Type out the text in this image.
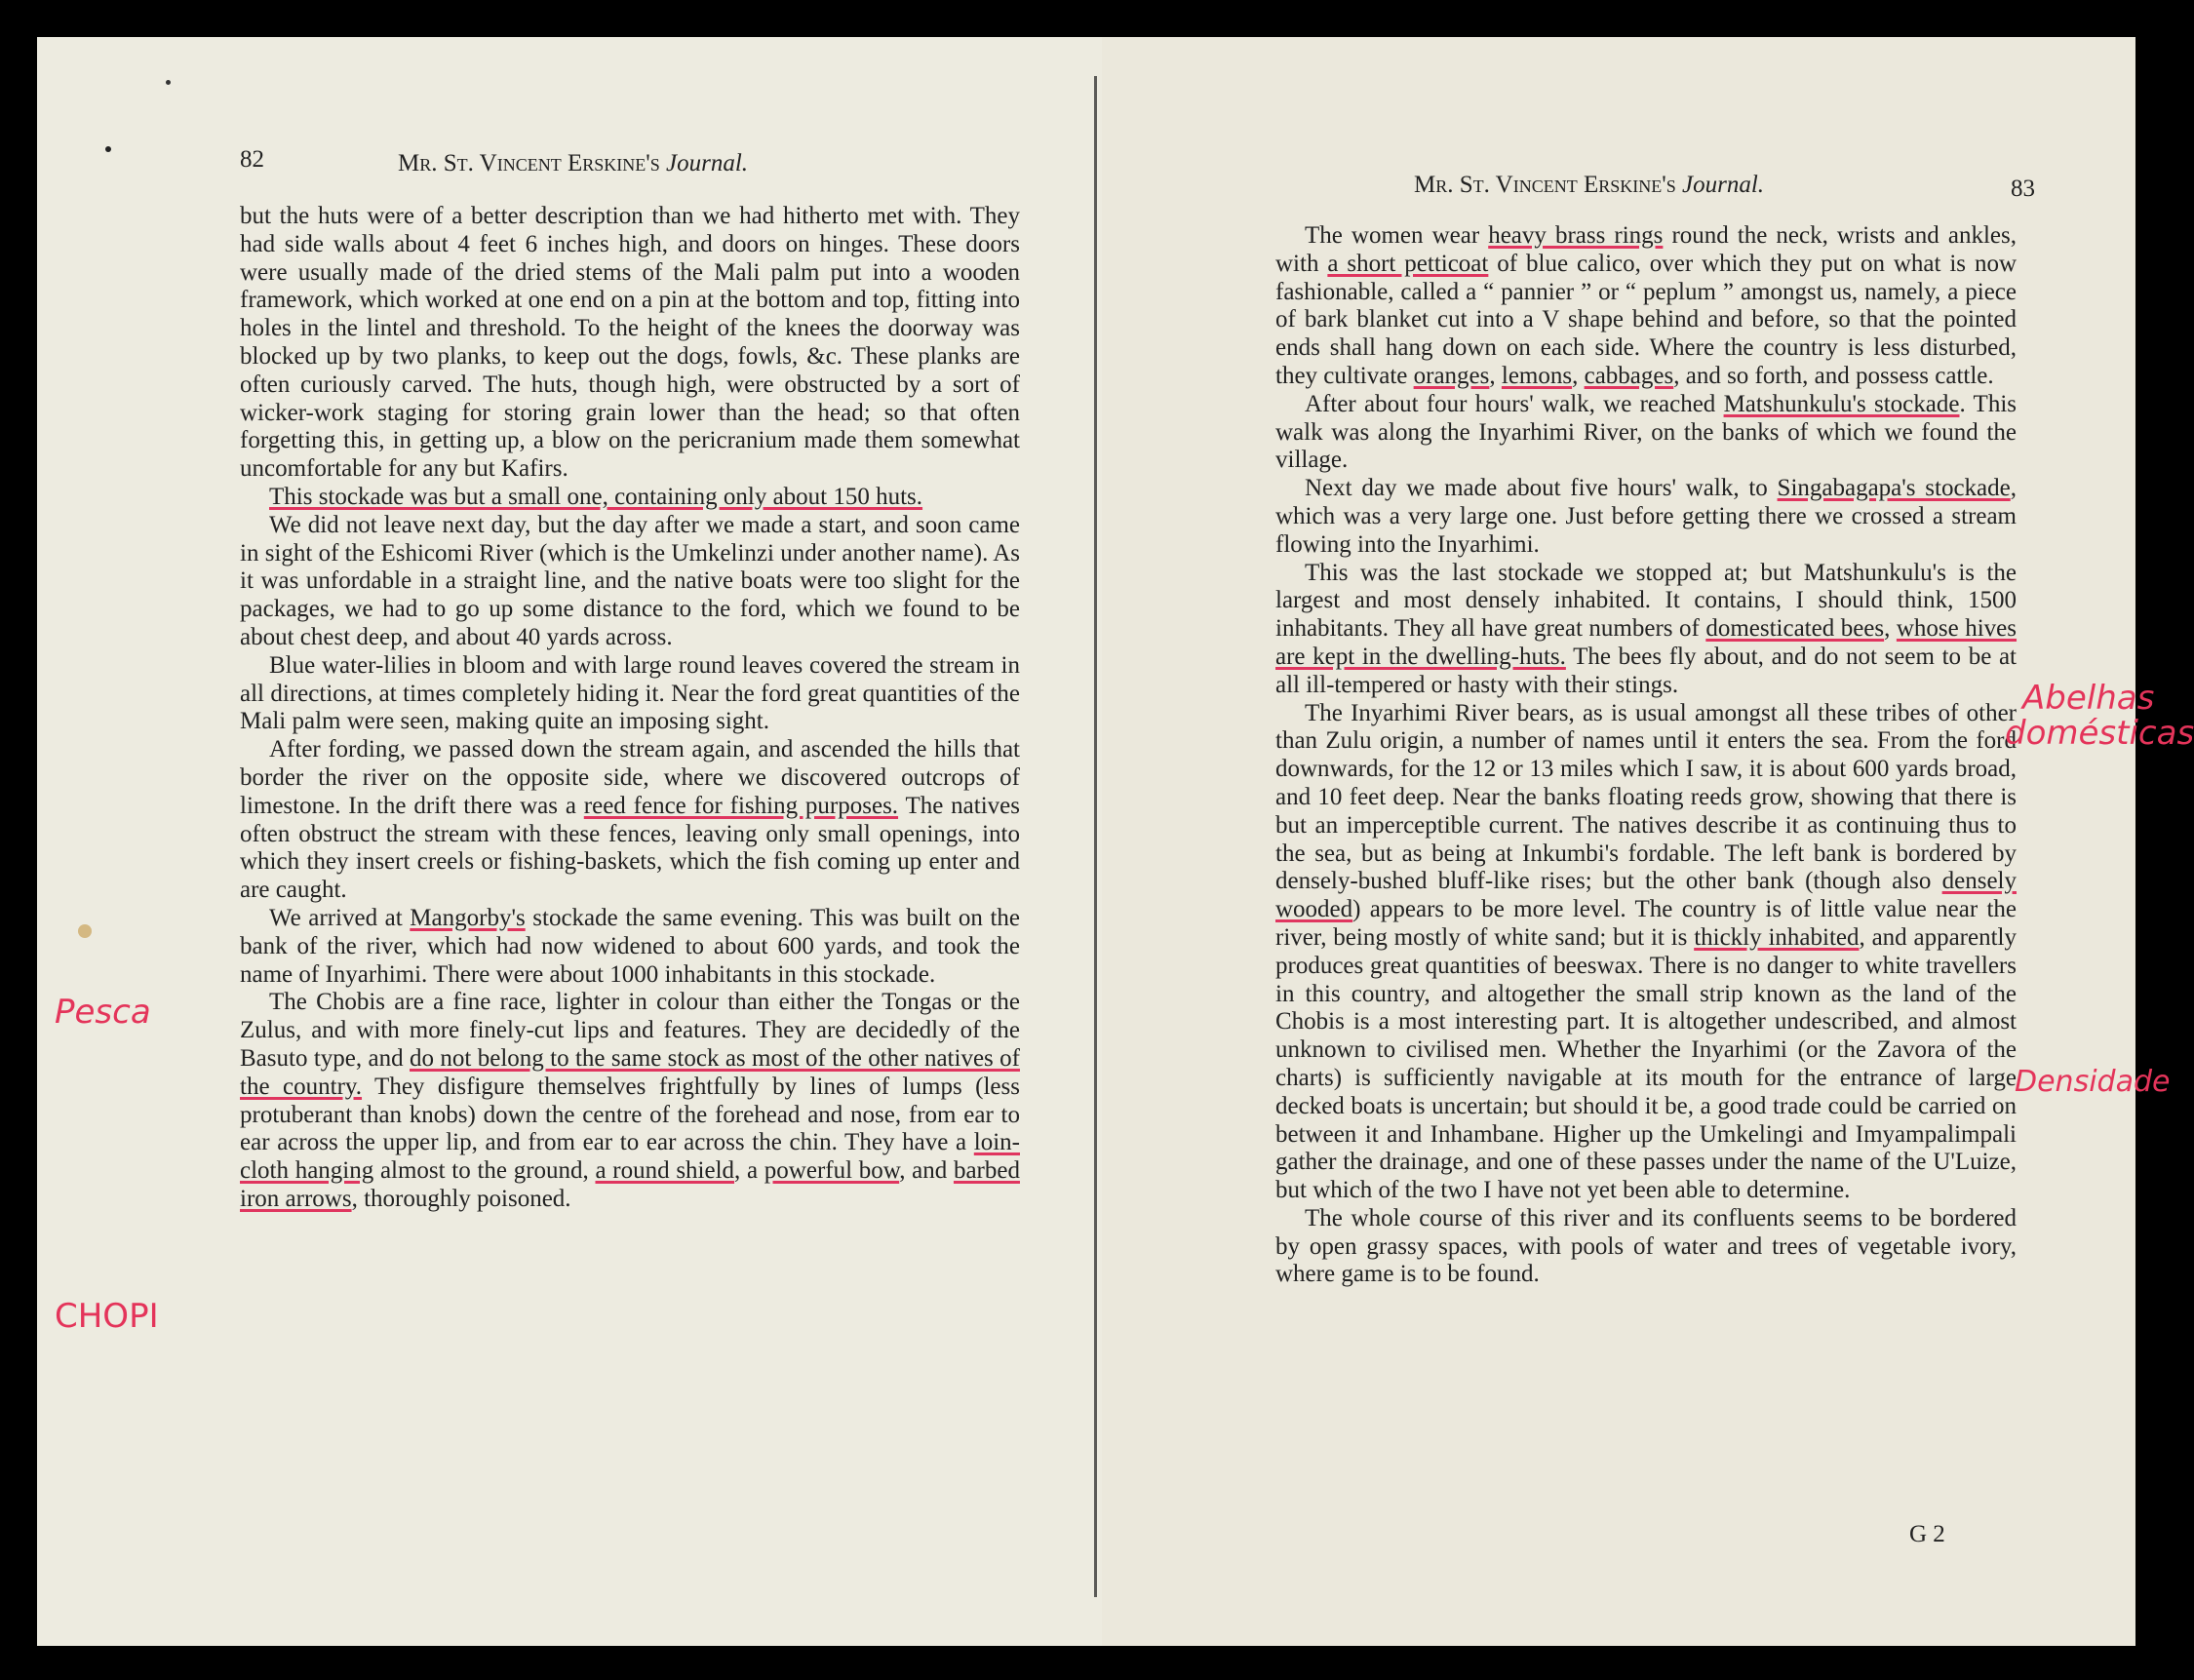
82	Mr. St. Vincent Erskine's Journal.

but the huts were of a better description than we had hitherto met with. They had side walls about 4 feet 6 inches high, and doors on hinges. These doors were usually made of the dried stems of the Mali palm put into a wooden framework, which worked at one end on a pin at the bottom and top, fitting into holes in the lintel and threshold. To the height of the knees the doorway was blocked up by two planks, to keep out the dogs, fowls, &c. These planks are often curiously carved. The huts, though high, were obstructed by a sort of wicker-work staging for storing grain lower than the head; so that often forgetting this, in getting up, a blow on the pericranium made them somewhat uncomfortable for any but Kafirs.

This stockade was but a small one, containing only about 150 huts.

We did not leave next day, but the day after we made a start, and soon came in sight of the Eshicomi River (which is the Umkelinzi under another name). As it was unfordable in a straight line, and the native boats were too slight for the packages, we had to go up some distance to the ford, which we found to be about chest deep, and about 40 yards across.

Blue water-lilies in bloom and with large round leaves covered the stream in all directions, at times completely hiding it. Near the ford great quantities of the Mali palm were seen, making quite an imposing sight.

After fording, we passed down the stream again, and ascended the hills that border the river on the opposite side, where we discovered outcrops of limestone. In the drift there was a reed fence for fishing purposes. The natives often obstruct the stream with these fences, leaving only small openings, into which they insert creels or fishing-baskets, which the fish coming up enter and are caught.

We arrived at Mangorby's stockade the same evening. This was built on the bank of the river, which had now widened to about 600 yards, and took the name of Inyarhimi. There were about 1000 inhabitants in this stockade.

The Chobis are a fine race, lighter in colour than either the Tongas or the Zulus, and with more finely-cut lips and features. They are decidedly of the Basuto type, and do not belong to the same stock as most of the other natives of the country. They disfigure themselves frightfully by lines of lumps (less protuberant than knobs) down the centre of the forehead and nose, from ear to ear across the upper lip, and from ear to ear across the chin. They have a loin-cloth hanging almost to the ground, a round shield, a powerful bow, and barbed iron arrows, thoroughly poisoned.

Pesca
CHOPI
Mr. St. Vincent Erskine's Journal.	83

The women wear heavy brass rings round the neck, wrists and ankles, with a short petticoat of blue calico, over which they put on what is now fashionable, called a “ pannier ” or “ peplum ” amongst us, namely, a piece of bark blanket cut into a V shape behind and before, so that the pointed ends shall hang down on each side. Where the country is less disturbed, they cultivate oranges, lemons, cabbages, and so forth, and possess cattle.

After about four hours' walk, we reached Matshunkulu's stockade. This walk was along the Inyarhimi River, on the banks of which we found the village.

Next day we made about five hours' walk, to Singabagapa's stockade, which was a very large one. Just before getting there we crossed a stream flowing into the Inyarhimi.

This was the last stockade we stopped at; but Matshunkulu's is the largest and most densely inhabited. It contains, I should think, 1500 inhabitants. They all have great numbers of domesticated bees, whose hives are kept in the dwelling-huts. The bees fly about, and do not seem to be at all ill-tempered or hasty with their stings.

The Inyarhimi River bears, as is usual amongst all these tribes of other than Zulu origin, a number of names until it enters the sea. From the ford downwards, for the 12 or 13 miles which I saw, it is about 600 yards broad, and 10 feet deep. Near the banks floating reeds grow, showing that there is but an imperceptible current. The natives describe it as continuing thus to the sea, but as being at Inkumbi's fordable. The left bank is bordered by densely-bushed bluff-like rises; but the other bank (though also densely wooded) appears to be more level. The country is of little value near the river, being mostly of white sand; but it is thickly inhabited, and apparently produces great quantities of beeswax. There is no danger to white travellers in this country, and altogether the small strip known as the land of the Chobis is a most interesting part. It is altogether undescribed, and almost unknown to civilised men. Whether the Inyarhimi (or the Zavora of the charts) is sufficiently navigable at its mouth for the entrance of large decked boats is uncertain; but should it be, a good trade could be carried on between it and Inhambane. Higher up the Umkelingi and Imyampalimpali gather the drainage, and one of these passes under the name of the U'Luize, but which of the two I have not yet been able to determine.

The whole course of this river and its confluents seems to be bordered by open grassy spaces, with pools of water and trees of vegetable ivory, where game is to be found.

G 2
Abelhas
domésticas
Densidade
